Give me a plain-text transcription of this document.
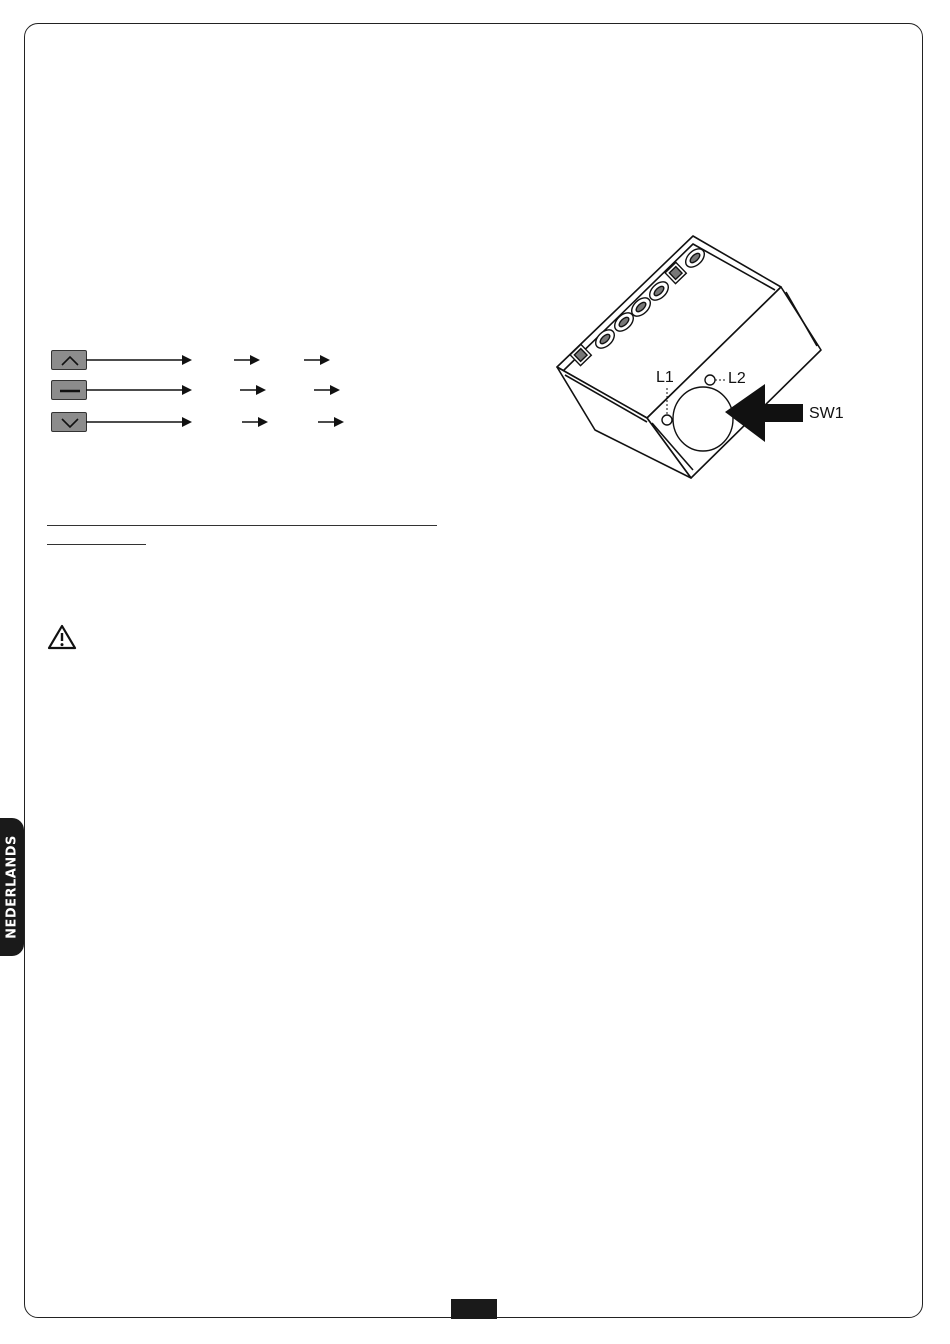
NEDERLANDS
L1	L2
SW1
